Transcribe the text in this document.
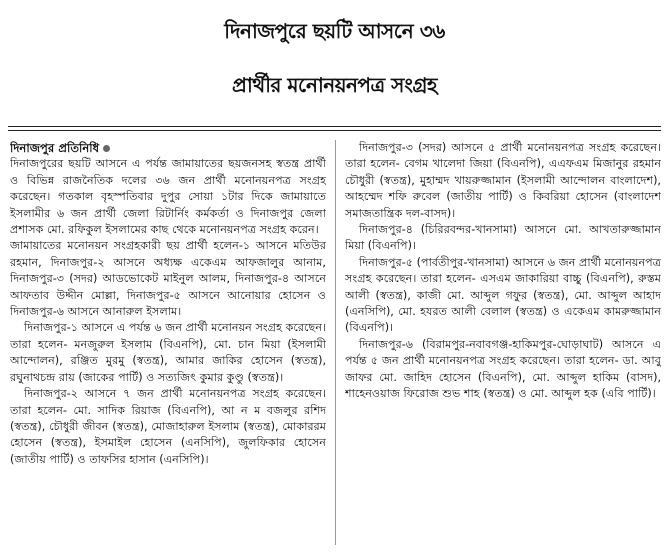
দিনাজপুরে ছয়টি আসনে ৩৬
প্রার্থীর মনোনয়নপত্র সংগ্রহ

দিনাজপুর প্রতিনিধি

দিনাজপুরের ছয়টি আসনে এ পর্যন্ত জামায়াতের ছয়জনসহ স্বতন্ত্র প্রার্থী ও বিভিন্ন রাজনৈতিক দলের ৩৬ জন প্রার্থী মনোনয়নপত্র সংগ্রহ করেছেন। গতকাল বৃহস্পতিবার দুপুর সোয়া ১টার দিকে জামায়াতে ইসলামীর ৬ জন প্রার্থী জেলা রিটার্নিং কর্মকর্তা ও দিনাজপুর জেলা প্রশাসক মো. রফিকুল ইসলামের কাছ থেকে মনোনয়নপত্র সংগ্রহ করেন।

জামায়াতের মনোনয়ন সংগ্রহকারী ছয় প্রার্থী হলেন-১ আসনে মতিউর রহমান, দিনাজপুর-২ আসনে অধ্যক্ষ একেএম আফজালুর আনাম, দিনাজপুর-৩ (সদর) আডভোকেট মাইনুল আলম, দিনাজপুর-৪ আসনে আফতাব উদ্দীন মোল্লা, দিনাজপুর-৫ আসনে আনোয়ার হোসেন ও দিনাজপুর-৬ আসনে আনারুল ইসলাম।

দিনাজপুর-১ আসনে এ পর্যন্ত ৬ জন প্রার্থী মনোনয়ন সংগ্রহ করেছেন। তারা হলেন- মনজুরুল ইসলাম (বিএনপি), মো. চান মিয়া (ইসলামী আন্দোলন), রঞ্জিত মুরমু (স্বতন্ত্র), আমার জাকির হোসেন (স্বতন্ত্র), রঘুনাথচন্দ্র রায় (জাকের পার্টি) ও সত্যজিৎ কুমার কুণ্ডু (স্বতন্ত্র)।

দিনাজপুর-২ আসনে ৭ জন প্রার্থী মনোনয়নপত্র সংগ্রহ করেছেন। তারা হলেন- মো. সাদিক রিয়াজ (বিএনপি), আ ন ম বজলুর রশিদ (স্বতন্ত্র), চৌধুরী জীবন (স্বতন্ত্র), মোজাহারুল ইসলাম (স্বতন্ত্র), মোকাররম হোসেন (স্বতন্ত্র), ইসমাইল হোসেন (এনসিপি), জুলফিকার হোসেন (জাতীয় পার্টি) ও তাফসির হাসান (এনসিপি)।

দিনাজপুর-৩ (সদর) আসনে ৫ প্রার্থী মনোনয়নপত্র সংগ্রহ করেছেন। তারা হলেন- বেগম খালেদা জিয়া (বিএনপি), এএফএম মিজানুর রহমান চৌধুরী (স্বতন্ত্র), মুহাম্মদ খায়রুজ্জামান (ইসলামী আন্দোলন বাংলাদেশ), আহম্মেদ শফি রুবেল (জাতীয় পার্টি) ও কিবরিয়া হোসেন (বাংলাদেশ সমাজতান্ত্রিক দল-বাসদ)।

দিনাজপুর-৪ (চিরিরবন্দর-খানসামা) আসনে মো. আখতারুজ্জামান মিয়া (বিএনপি)।

দিনাজপুর-৫ (পার্বতীপুর-খানসামা) আসনে ৬ জন প্রার্থী মনোনয়নপত্র সংগ্রহ করেছেন। তারা হলেন- এসএম জাকারিয়া বাচ্চু (বিএনপি), রুস্তম আলী (স্বতন্ত্র), কাজী মো. আব্দুল গফুর (স্বতন্ত্র), মো. আব্দুল আহাদ (এনসিপি), মো. হযরত আলী বেলাল (স্বতন্ত্র) ও একেএম কামরুজ্জামান (বিএনপি)।

দিনাজপুর-৬ (বিরামপুর-নবাবগঞ্জ-হাকিমপুর-ঘোড়াঘাট) আসনে এ পর্যন্ত ৫ জন প্রার্থী মনোনয়নপত্র সংগ্রহ করেছেন। তারা হলেন- ডা. আবু জাফর মো. জাহিদ হোসেন (বিএনপি), মো. আব্দুল হাকিম (বাসদ), শাহেনওয়াজ ফিরোজ শুভ শাহ (স্বতন্ত্র) ও মো. আব্দুল হক (এবি পার্টি)।
